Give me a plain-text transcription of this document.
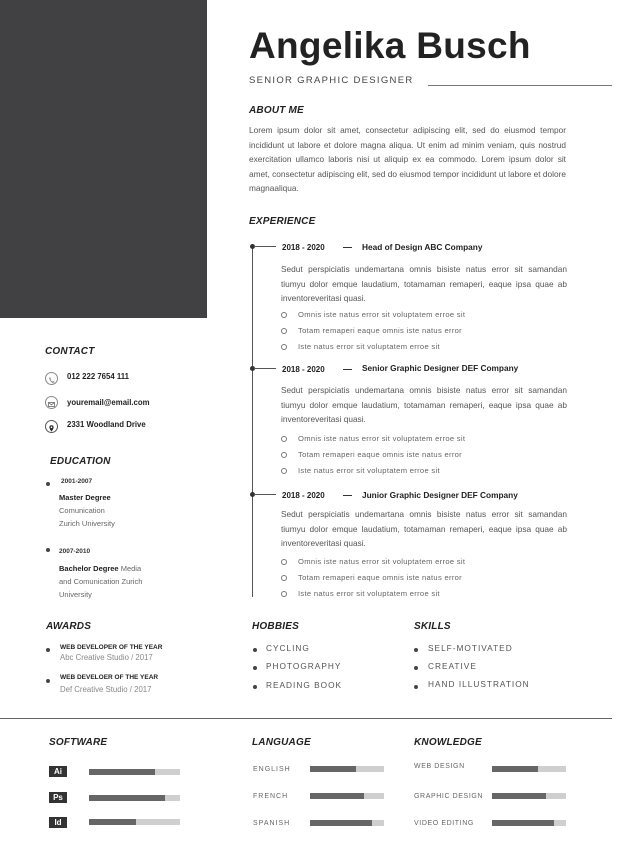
Angelika Busch
SENIOR GRAPHIC DESIGNER
ABOUT ME
Lorem ipsum dolor sit amet, consectetur adipiscing elit, sed do eiusmod tempor incididunt ut labore et dolore magna aliqua. Ut enim ad minim veniam, quis nostrud exercitation ullamco laboris nisi ut aliquip ex ea commodo. Lorem ipsum dolor sit amet, consectetur adipiscing elit, sed do eiusmod tempor incididunt ut labore et dolore magnaaliqua.
EXPERIENCE
2018 - 2020	Head of Design ABC Company
Sedut perspiciatis undemartana omnis bisiste natus error sit samandan tiumyu dolor emque laudatium, totamaman remaperi, eaque ipsa quae ab inventoreveritasi quasi.
Omnis iste natus error sit voluptatem erroe sit
Totam remaperi eaque omnis iste natus error
Iste natus error sit voluptatem erroe sit
2018 - 2020	Senior Graphic Designer DEF Company
Sedut perspiciatis undemartana omnis bisiste natus error sit samandan tiumyu dolor emque laudatium, totamaman remaperi, eaque ipsa quae ab inventoreveritasi quasi.
Omnis iste natus error sit voluptatem erroe sit
Totam remaperi eaque omnis iste natus error
Iste natus error sit voluptatem erroe sit
2018 - 2020	Junior Graphic Designer DEF Company
Sedut perspiciatis undemartana omnis bisiste natus error sit samandan tiumyu dolor emque laudatium, totamaman remaperi, eaque ipsa quae ab inventoreveritasi quasi.
Omnis iste natus error sit voluptatem erroe sit
Totam remaperi eaque omnis iste natus error
Iste natus error sit voluptatem erroe sit
CONTACT
012 222 7654 111
youremail@email.com
2331 Woodland Drive
EDUCATION
2001-2007
Master Degree
Comunication
Zurich University
2007-2010
Bachelor Degree Media
and Comunication Zurich
University
AWARDS
WEB DEVELOPER OF THE YEAR
Abc Creative Studio / 2017
WEB DEVELOER OF THE YEAR
Def Creative Studio / 2017
HOBBIES
CYCLING
PHOTOGRAPHY
READING BOOK
SKILLS
SELF-MOTIVATED
CREATIVE
HAND ILLUSTRATION
SOFTWARE
Ai
Ps
Id
LANGUAGE
ENGLISH
FRENCH
SPANISH
KNOWLEDGE
WEB DESIGN
GRAPHIC DESIGN
VIDEO EDITING
